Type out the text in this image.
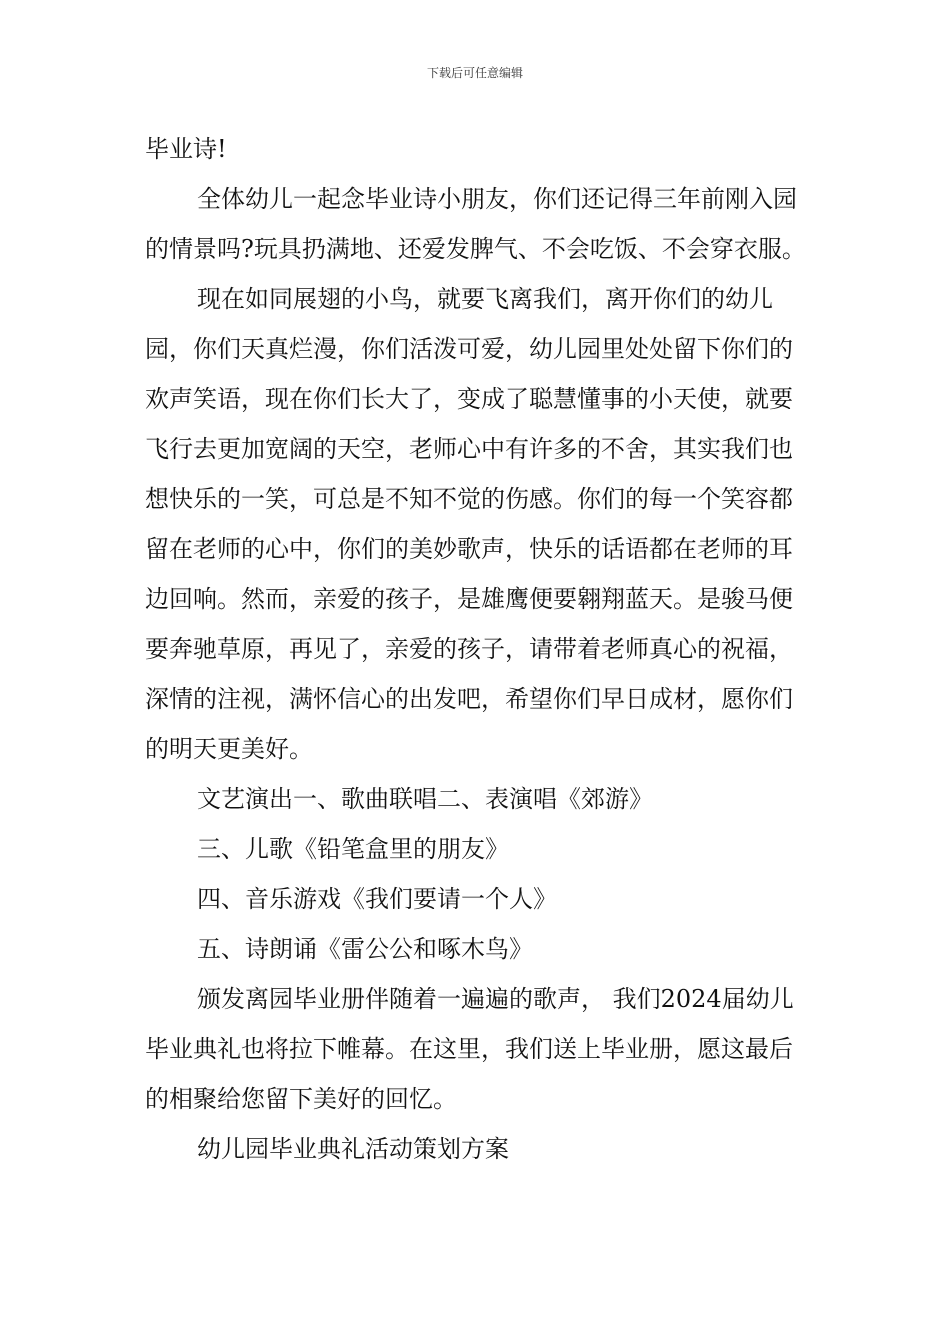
下载后可任意编辑

毕业诗!

全体幼儿一起念毕业诗小朋友，你们还记得三年前刚入园的情景吗?玩具扔满地、还爱发脾气、不会吃饭、不会穿衣服。

现在如同展翅的小鸟，就要飞离我们，离开你们的幼儿园，你们天真烂漫，你们活泼可爱，幼儿园里处处留下你们的欢声笑语，现在你们长大了，变成了聪慧懂事的小天使，就要飞行去更加宽阔的天空，老师心中有许多的不舍，其实我们也想快乐的一笑，可总是不知不觉的伤感。你们的每一个笑容都留在老师的心中，你们的美妙歌声，快乐的话语都在老师的耳边回响。然而，亲爱的孩子，是雄鹰便要翱翔蓝天。是骏马便要奔驰草原，再见了，亲爱的孩子，请带着老师真心的祝福，深情的注视，满怀信心的出发吧，希望你们早日成材，愿你们的明天更美好。

文艺演出一、歌曲联唱二、表演唱《郊游》

三、儿歌《铅笔盒里的朋友》

四、音乐游戏《我们要请一个人》

五、诗朗诵《雷公公和啄木鸟》

颁发离园毕业册伴随着一遍遍的歌声， 我们2024届幼儿毕业典礼也将拉下帷幕。在这里，我们送上毕业册，愿这最后的相聚给您留下美好的回忆。

幼儿园毕业典礼活动策划方案
